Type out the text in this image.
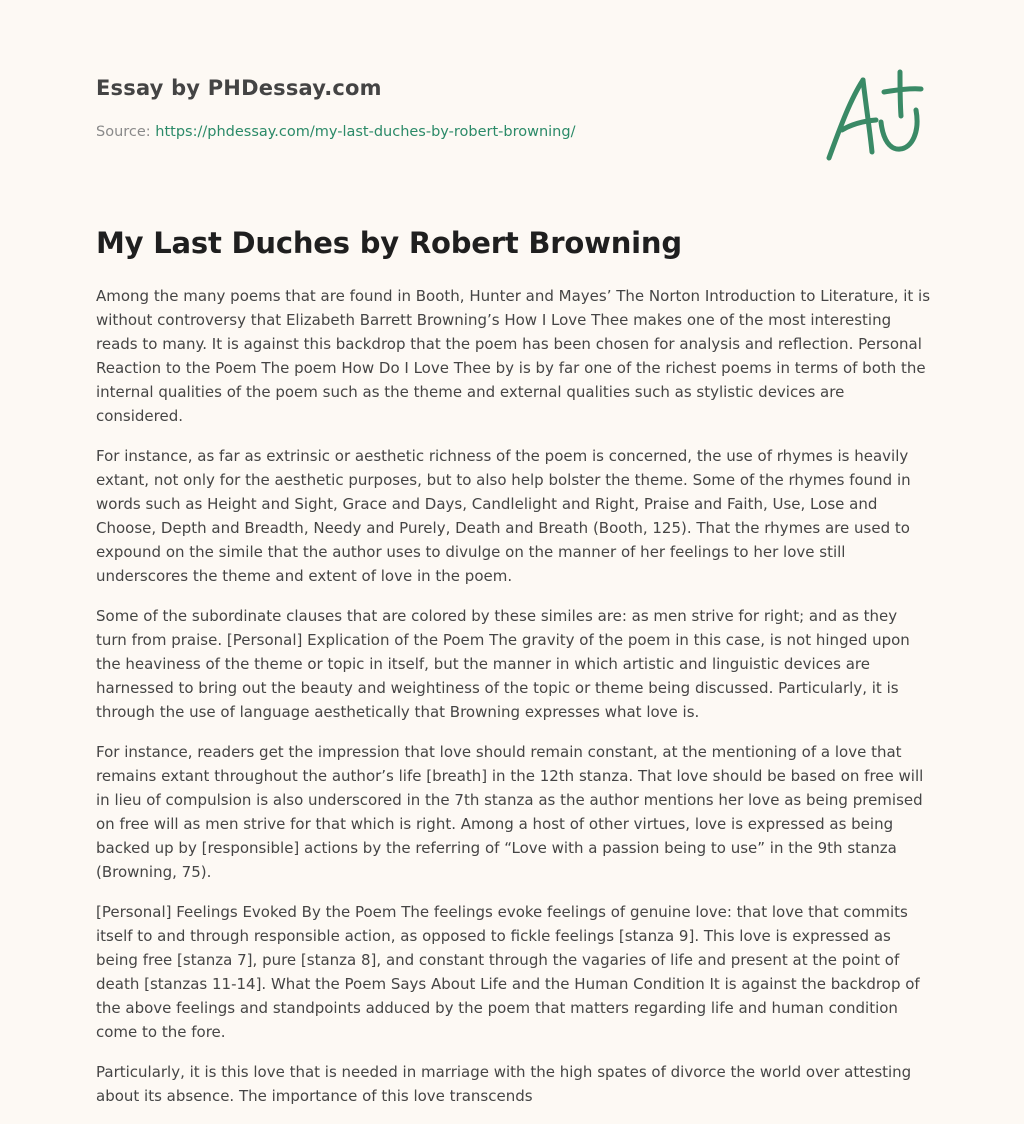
Essay by PHDessay.com

Source: https://phdessay.com/my-last-duches-by-robert-browning/

My Last Duches by Robert Browning

Among the many poems that are found in Booth, Hunter and Mayes’ The Norton Introduction to Literature, it is without controversy that Elizabeth Barrett Browning’s How I Love Thee makes one of the most interesting reads to many. It is against this backdrop that the poem has been chosen for analysis and reflection. Personal Reaction to the Poem The poem How Do I Love Thee by is by far one of the richest poems in terms of both the internal qualities of the poem such as the theme and external qualities such as stylistic devices are considered.

For instance, as far as extrinsic or aesthetic richness of the poem is concerned, the use of rhymes is heavily extant, not only for the aesthetic purposes, but to also help bolster the theme. Some of the rhymes found in words such as Height and Sight, Grace and Days, Candlelight and Right, Praise and Faith, Use, Lose and Choose, Depth and Breadth, Needy and Purely, Death and Breath (Booth, 125). That the rhymes are used to expound on the simile that the author uses to divulge on the manner of her feelings to her love still underscores the theme and extent of love in the poem.

Some of the subordinate clauses that are colored by these similes are: as men strive for right; and as they turn from praise. [Personal] Explication of the Poem The gravity of the poem in this case, is not hinged upon the heaviness of the theme or topic in itself, but the manner in which artistic and linguistic devices are harnessed to bring out the beauty and weightiness of the topic or theme being discussed. Particularly, it is through the use of language aesthetically that Browning expresses what love is.

For instance, readers get the impression that love should remain constant, at the mentioning of a love that remains extant throughout the author’s life [breath] in the 12th stanza. That love should be based on free will in lieu of compulsion is also underscored in the 7th stanza as the author mentions her love as being premised on free will as men strive for that which is right. Among a host of other virtues, love is expressed as being backed up by [responsible] actions by the referring of “Love with a passion being to use” in the 9th stanza (Browning, 75).

[Personal] Feelings Evoked By the Poem The feelings evoke feelings of genuine love: that love that commits itself to and through responsible action, as opposed to fickle feelings [stanza 9]. This love is expressed as being free [stanza 7], pure [stanza 8], and constant through the vagaries of life and present at the point of death [stanzas 11-14]. What the Poem Says About Life and the Human Condition It is against the backdrop of the above feelings and standpoints adduced by the poem that matters regarding life and human condition come to the fore.

Particularly, it is this love that is needed in marriage with the high spates of divorce the world over attesting about its absence. The importance of this love transcends
